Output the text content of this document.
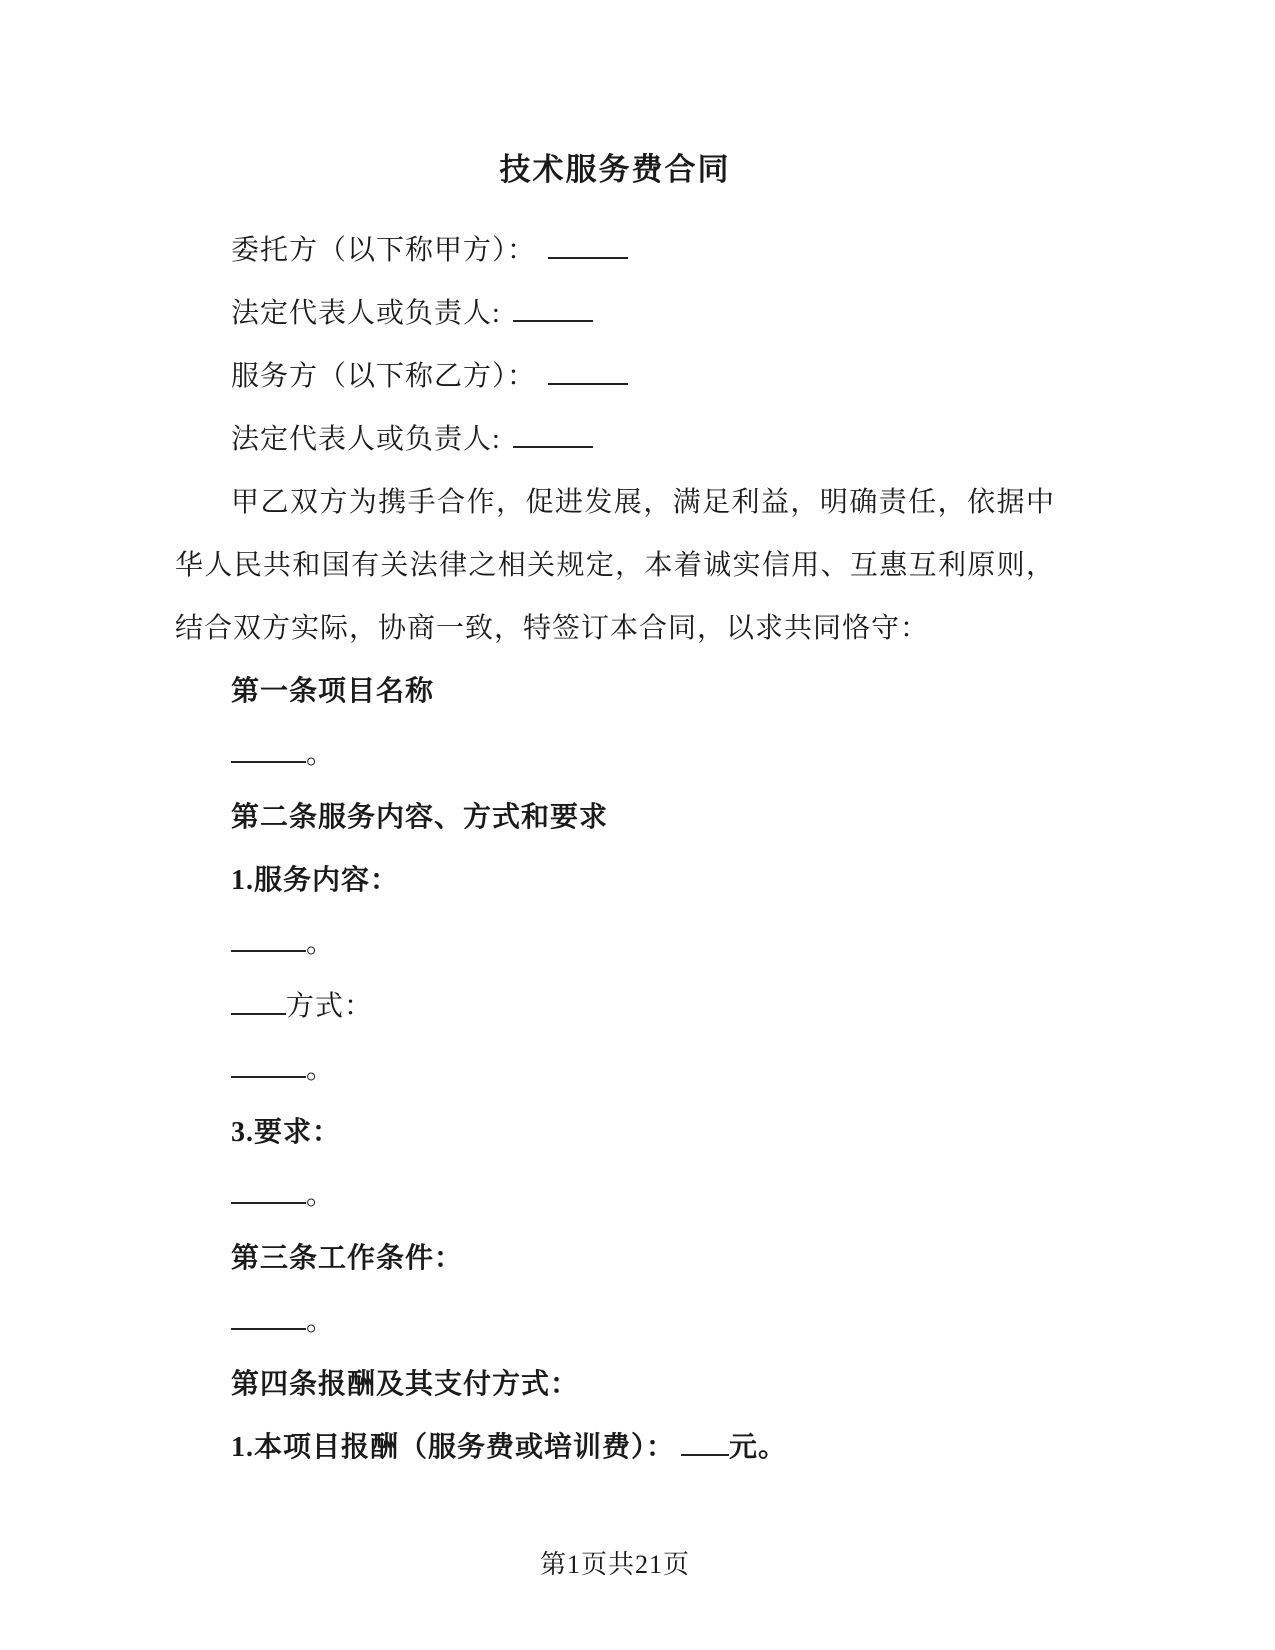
技术服务费合同

委托方（以下称甲方）：

法定代表人或负责人:

服务方（以下称乙方）：

法定代表人或负责人:

甲乙双方为携手合作，促进发展，满足利益，明确责任，依据中华人民共和国有关法律之相关规定，本着诚实信用、互惠互利原则，结合双方实际，协商一致，特签订本合同，以求共同恪守：

第一条项目名称

。

第二条服务内容、方式和要求

1.服务内容：

。

方式：

。

3.要求：

。

第三条工作条件：

。

第四条报酬及其支付方式：

1.本项目报酬（服务费或培训费）： 元。

第1页共21页
